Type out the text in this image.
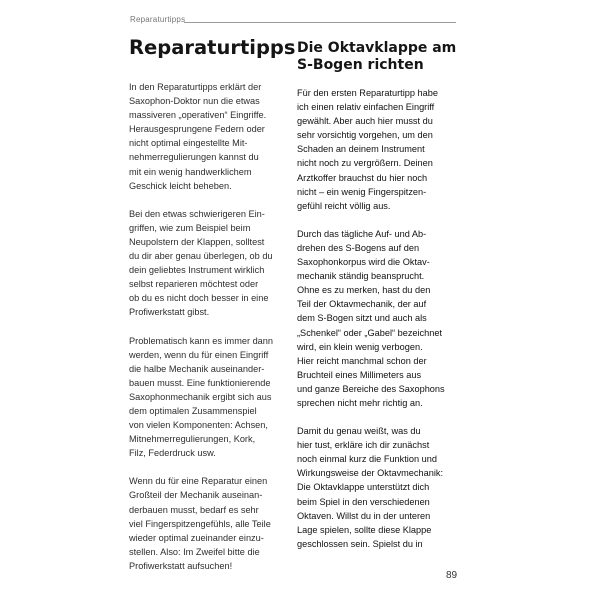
Reparaturtipps
Reparaturtipps
In den Reparaturtipps erklärt der
Saxophon-Doktor nun die etwas
massiveren „operativen“ Eingriffe.
Herausgesprungene Federn oder
nicht optimal eingestellte Mit-
nehmerregulierungen kannst du
mit ein wenig handwerklichem
Geschick leicht beheben.
Bei den etwas schwierigeren Ein-
griffen, wie zum Beispiel beim
Neupolstern der Klappen, solltest
du dir aber genau überlegen, ob du
dein geliebtes Instrument wirklich
selbst reparieren möchtest oder
ob du es nicht doch besser in eine
Profiwerkstatt gibst.
Problematisch kann es immer dann
werden, wenn du für einen Eingriff
die halbe Mechanik auseinander-
bauen musst. Eine funktionierende
Saxophonmechanik ergibt sich aus
dem optimalen Zusammenspiel
von vielen Komponenten: Achsen,
Mitnehmerregulierungen, Kork,
Filz, Federdruck usw.
Wenn du für eine Reparatur einen
Großteil der Mechanik auseinan-
derbauen musst, bedarf es sehr
viel Fingerspitzengefühls, alle Teile
wieder optimal zueinander einzu-
stellen. Also: Im Zweifel bitte die
Profiwerkstatt aufsuchen!
Die Oktavklappe am
S-Bogen richten
Für den ersten Reparaturtipp habe
ich einen relativ einfachen Eingriff
gewählt. Aber auch hier musst du
sehr vorsichtig vorgehen, um den
Schaden an deinem Instrument
nicht noch zu vergrößern. Deinen
Arztkoffer brauchst du hier noch
nicht – ein wenig Fingerspitzen-
gefühl reicht völlig aus.
Durch das tägliche Auf- und Ab-
drehen des S-Bogens auf den
Saxophonkorpus wird die Oktav-
mechanik ständig beansprucht.
Ohne es zu merken, hast du den
Teil der Oktavmechanik, der auf
dem S-Bogen sitzt und auch als
„Schenkel“ oder „Gabel“ bezeichnet
wird, ein klein wenig verbogen.
Hier reicht manchmal schon der
Bruchteil eines Millimeters aus
und ganze Bereiche des Saxophons
sprechen nicht mehr richtig an.
Damit du genau weißt, was du
hier tust, erkläre ich dir zunächst
noch einmal kurz die Funktion und
Wirkungsweise der Oktavmechanik:
Die Oktavklappe unterstützt dich
beim Spiel in den verschiedenen
Oktaven. Willst du in der unteren
Lage spielen, sollte diese Klappe
geschlossen sein. Spielst du in
89
